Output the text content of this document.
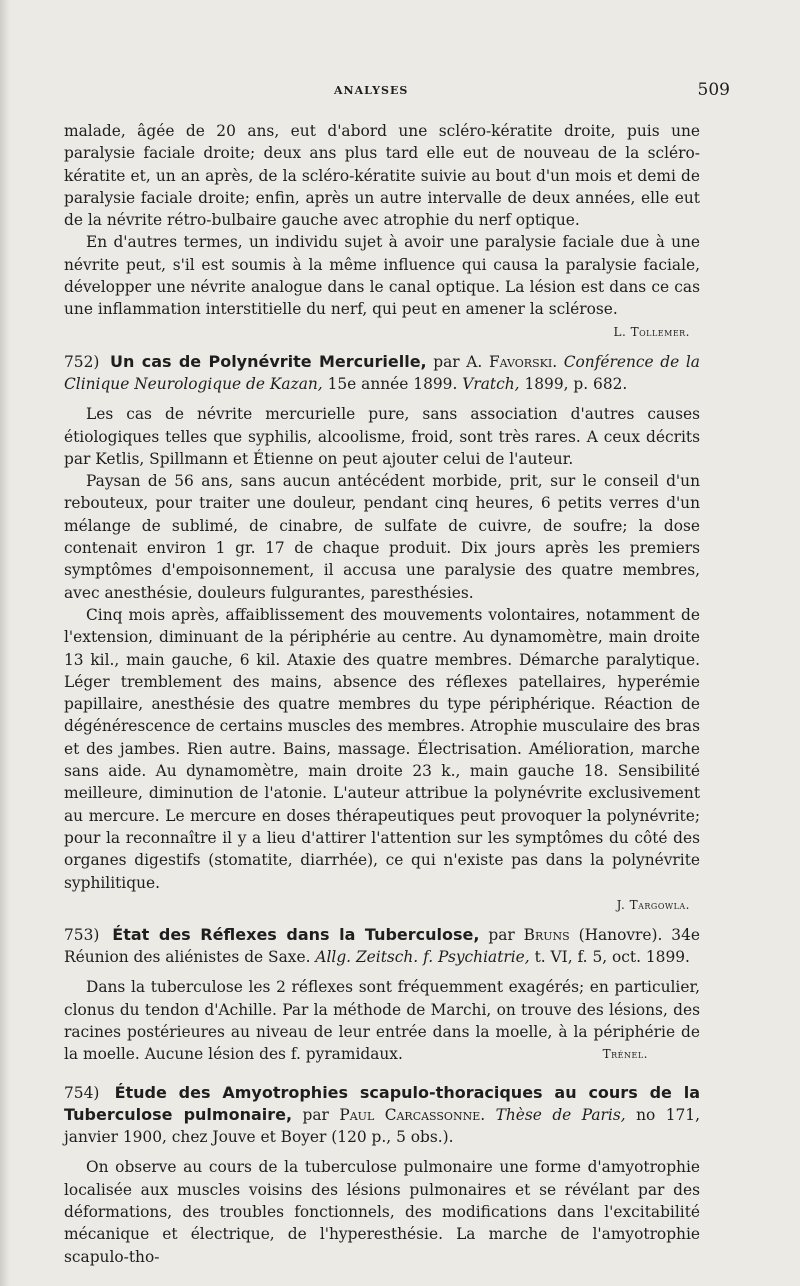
ANALYSES	509

malade, âgée de 20 ans, eut d'abord une scléro-kératite droite, puis une paralysie faciale droite; deux ans plus tard elle eut de nouveau de la scléro-kératite et, un an après, de la scléro-kératite suivie au bout d'un mois et demi de paralysie faciale droite; enfin, après un autre intervalle de deux années, elle eut de la névrite rétro-bulbaire gauche avec atrophie du nerf optique.

En d'autres termes, un individu sujet à avoir une paralysie faciale due à une névrite peut, s'il est soumis à la même influence qui causa la paralysie faciale, développer une névrite analogue dans le canal optique. La lésion est dans ce cas une inflammation interstitielle du nerf, qui peut en amener la sclérose.

L. Tollemer.
752) Un cas de Polynévrite Mercurielle, par A. Favorski. Conférence de la Clinique Neurologique de Kazan, 15e année 1899. Vratch, 1899, p. 682.

Les cas de névrite mercurielle pure, sans association d'autres causes étiologiques telles que syphilis, alcoolisme, froid, sont très rares. A ceux décrits par Ketlis, Spillmann et Étienne on peut ajouter celui de l'auteur.

Paysan de 56 ans, sans aucun antécédent morbide, prit, sur le conseil d'un rebouteux, pour traiter une douleur, pendant cinq heures, 6 petits verres d'un mélange de sublimé, de cinabre, de sulfate de cuivre, de soufre; la dose contenait environ 1 gr. 17 de chaque produit. Dix jours après les premiers symptômes d'empoisonnement, il accusa une paralysie des quatre membres, avec anesthésie, douleurs fulgurantes, paresthésies.

Cinq mois après, affaiblissement des mouvements volontaires, notamment de l'extension, diminuant de la périphérie au centre. Au dynamomètre, main droite 13 kil., main gauche, 6 kil. Ataxie des quatre membres. Démarche paralytique. Léger tremblement des mains, absence des réflexes patellaires, hyperémie papillaire, anesthésie des quatre membres du type périphérique. Réaction de dégénérescence de certains muscles des membres. Atrophie musculaire des bras et des jambes. Rien autre. Bains, massage. Électrisation. Amélioration, marche sans aide. Au dynamomètre, main droite 23 k., main gauche 18. Sensibilité meilleure, diminution de l'atonie. L'auteur attribue la polynévrite exclusivement au mercure. Le mercure en doses thérapeutiques peut provoquer la polynévrite; pour la reconnaître il y a lieu d'attirer l'attention sur les symptômes du côté des organes digestifs (stomatite, diarrhée), ce qui n'existe pas dans la polynévrite syphilitique.

J. Targowla.
753) État des Réflexes dans la Tuberculose, par Bruns (Hanovre). 34e Réunion des aliénistes de Saxe. Allg. Zeitsch. f. Psychiatrie, t. VI, f. 5, oct. 1899.

Dans la tuberculose les 2 réflexes sont fréquemment exagérés; en particulier, clonus du tendon d'Achille. Par la méthode de Marchi, on trouve des lésions, des racines postérieures au niveau de leur entrée dans la moelle, à la périphérie de la moelle. Aucune lésion des f. pyramidaux.	Trénel.

754) Étude des Amyotrophies scapulo-thoraciques au cours de la Tuberculose pulmonaire, par Paul Carcassonne. Thèse de Paris, no 171, janvier 1900, chez Jouve et Boyer (120 p., 5 obs.).

On observe au cours de la tuberculose pulmonaire une forme d'amyotrophie localisée aux muscles voisins des lésions pulmonaires et se révélant par des déformations, des troubles fonctionnels, des modifications dans l'excitabilité mécanique et électrique, de l'hyperesthésie. La marche de l'amyotrophie scapulo-tho-
